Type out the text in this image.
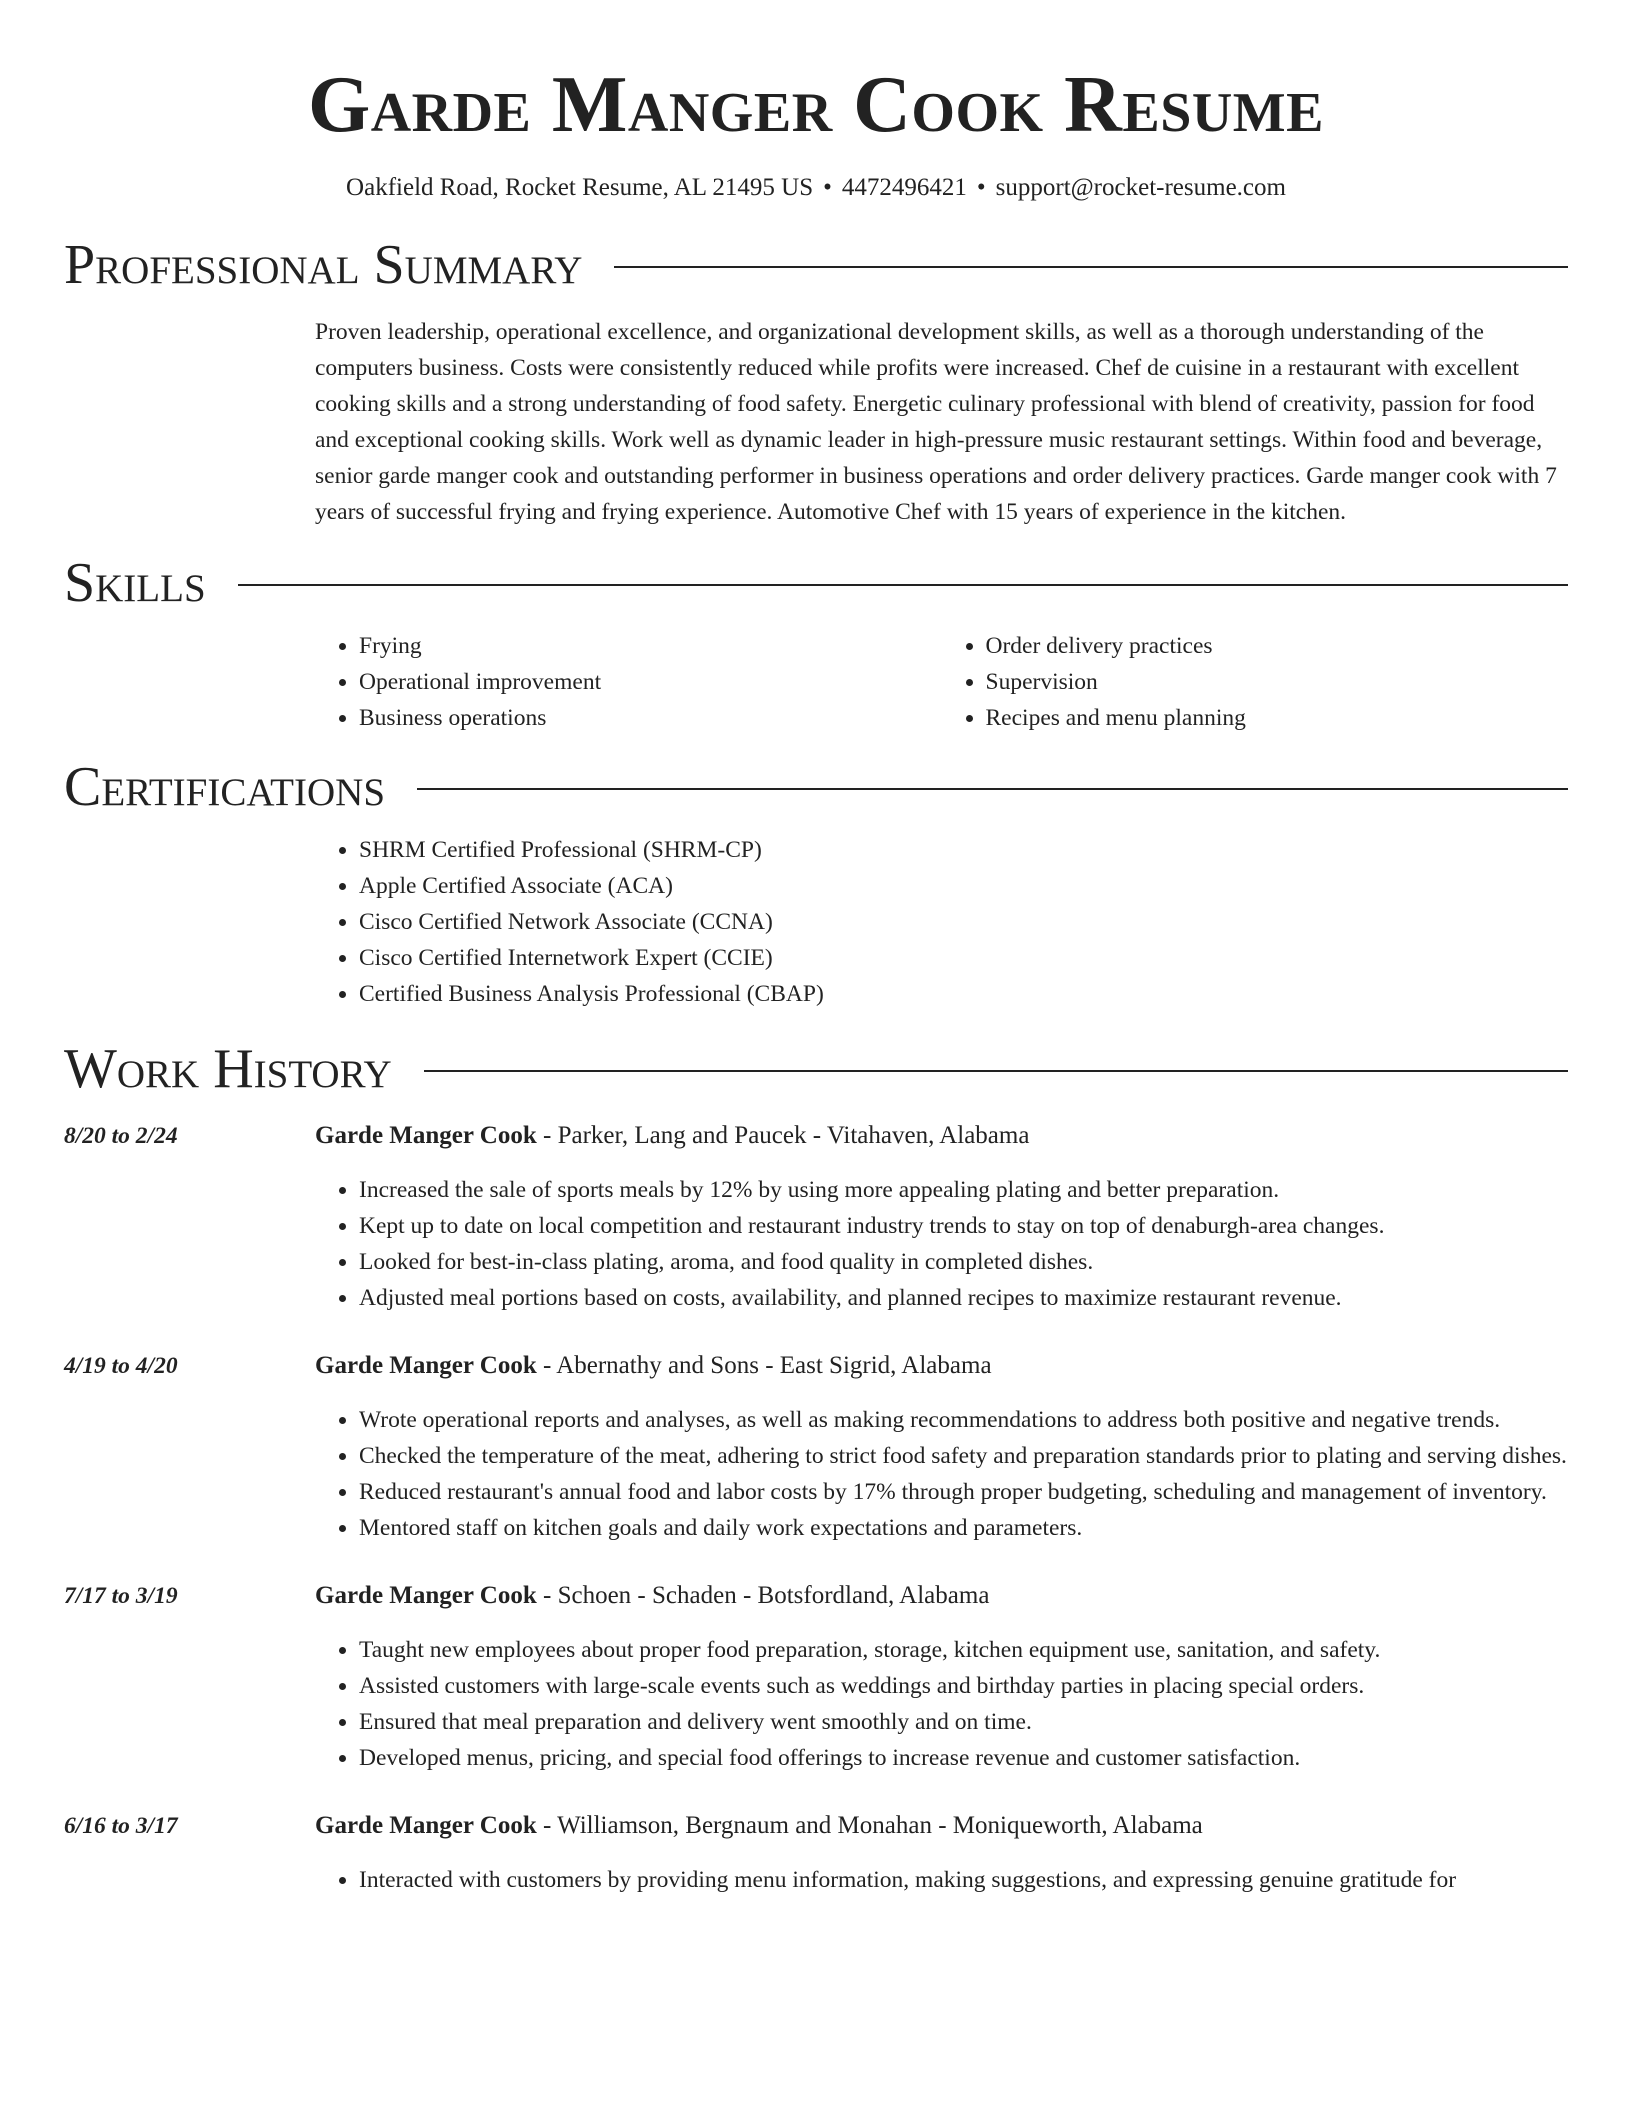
Garde Manger Cook Resume
Oakfield Road, Rocket Resume, AL 21495 US • 4472496421 • support@rocket-resume.com
Professional Summary
Proven leadership, operational excellence, and organizational development skills, as well as a thorough understanding of the computers business. Costs were consistently reduced while profits were increased. Chef de cuisine in a restaurant with excellent cooking skills and a strong understanding of food safety. Energetic culinary professional with blend of creativity, passion for food and exceptional cooking skills. Work well as dynamic leader in high-pressure music restaurant settings. Within food and beverage, senior garde manger cook and outstanding performer in business operations and order delivery practices. Garde manger cook with 7 years of successful frying and frying experience. Automotive Chef with 15 years of experience in the kitchen.
Skills
• Frying
• Operational improvement
• Business operations
• Order delivery practices
• Supervision
• Recipes and menu planning
Certifications
• SHRM Certified Professional (SHRM-CP)
• Apple Certified Associate (ACA)
• Cisco Certified Network Associate (CCNA)
• Cisco Certified Internetwork Expert (CCIE)
• Certified Business Analysis Professional (CBAP)
Work History
8/20 to 2/24	Garde Manger Cook - Parker, Lang and Paucek - Vitahaven, Alabama
• Increased the sale of sports meals by 12% by using more appealing plating and better preparation.
• Kept up to date on local competition and restaurant industry trends to stay on top of denaburgh-area changes.
• Looked for best-in-class plating, aroma, and food quality in completed dishes.
• Adjusted meal portions based on costs, availability, and planned recipes to maximize restaurant revenue.
4/19 to 4/20	Garde Manger Cook - Abernathy and Sons - East Sigrid, Alabama
• Wrote operational reports and analyses, as well as making recommendations to address both positive and negative trends.
• Checked the temperature of the meat, adhering to strict food safety and preparation standards prior to plating and serving dishes.
• Reduced restaurant's annual food and labor costs by 17% through proper budgeting, scheduling and management of inventory.
• Mentored staff on kitchen goals and daily work expectations and parameters.
7/17 to 3/19	Garde Manger Cook - Schoen - Schaden - Botsfordland, Alabama
• Taught new employees about proper food preparation, storage, kitchen equipment use, sanitation, and safety.
• Assisted customers with large-scale events such as weddings and birthday parties in placing special orders.
• Ensured that meal preparation and delivery went smoothly and on time.
• Developed menus, pricing, and special food offerings to increase revenue and customer satisfaction.
6/16 to 3/17	Garde Manger Cook - Williamson, Bergnaum and Monahan - Moniqueworth, Alabama
• Interacted with customers by providing menu information, making suggestions, and expressing genuine gratitude for
